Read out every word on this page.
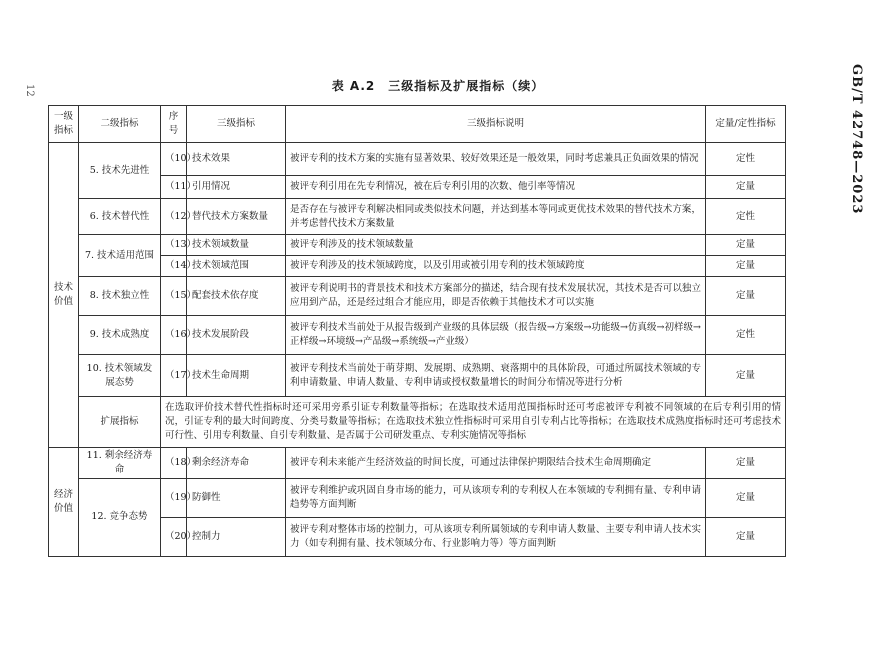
12	GB/T 42748—2023
表 A.2　三级指标及扩展指标（续）
一级指标	二级指标	序号	三级指标	三级指标说明	定量/定性指标
技术价值	5. 技术先进性	（10）	技术效果	被评专利的技术方案的实施有显著效果、较好效果还是一般效果，同时考虑兼具正负面效果的情况	定性
		（11）	引用情况	被评专利引用在先专利情况，被在后专利引用的次数、他引率等情况	定量
	6. 技术替代性	（12）	替代技术方案数量	是否存在与被评专利解决相同或类似技术问题，并达到基本等同或更优技术效果的替代技术方案，并考虑替代技术方案数量	定性
	7. 技术适用范围	（13）	技术领域数量	被评专利涉及的技术领域数量	定量
		（14）	技术领域范围	被评专利涉及的技术领域跨度，以及引用或被引用专利的技术领域跨度	定量
	8. 技术独立性	（15）	配套技术依存度	被评专利说明书的背景技术和技术方案部分的描述，结合现有技术发展状况，其技术是否可以独立应用到产品，还是经过组合才能应用，即是否依赖于其他技术才可以实施	定量
	9. 技术成熟度	（16）	技术发展阶段	被评专利技术当前处于从报告级到产业级的具体层级（报告级→方案级→功能级→仿真级→初样级→正样级→环境级→产品级→系统级→产业级）	定性
	10. 技术领域发展态势	（17）	技术生命周期	被评专利技术当前处于萌芽期、发展期、成熟期、衰落期中的具体阶段，可通过所属技术领域的专利申请数量、申请人数量、专利申请或授权数量增长的时间分布情况等进行分析	定量
	扩展指标	在选取评价技术替代性指标时还可采用旁系引证专利数量等指标；在选取技术适用范围指标时还可考虑被评专利被不同领域的在后专利引用的情况，引证专利的最大时间跨度、分类号数量等指标；在选取技术独立性指标时可采用自引专利占比等指标；在选取技术成熟度指标时还可考虑技术可行性、引用专利数量、自引专利数量、是否属于公司研发重点、专利实施情况等指标			
经济价值	11. 剩余经济寿命	（18）	剩余经济寿命	被评专利未来能产生经济效益的时间长度，可通过法律保护期限结合技术生命周期确定	定量
	12. 竞争态势	（19）	防御性	被评专利维护或巩固自身市场的能力，可从该项专利的专利权人在本领域的专利拥有量、专利申请趋势等方面判断	定量
		（20）	控制力	被评专利对整体市场的控制力，可从该项专利所属领域的专利申请人数量、主要专利申请人技术实力（如专利拥有量、技术领域分布、行业影响力等）等方面判断	定量
